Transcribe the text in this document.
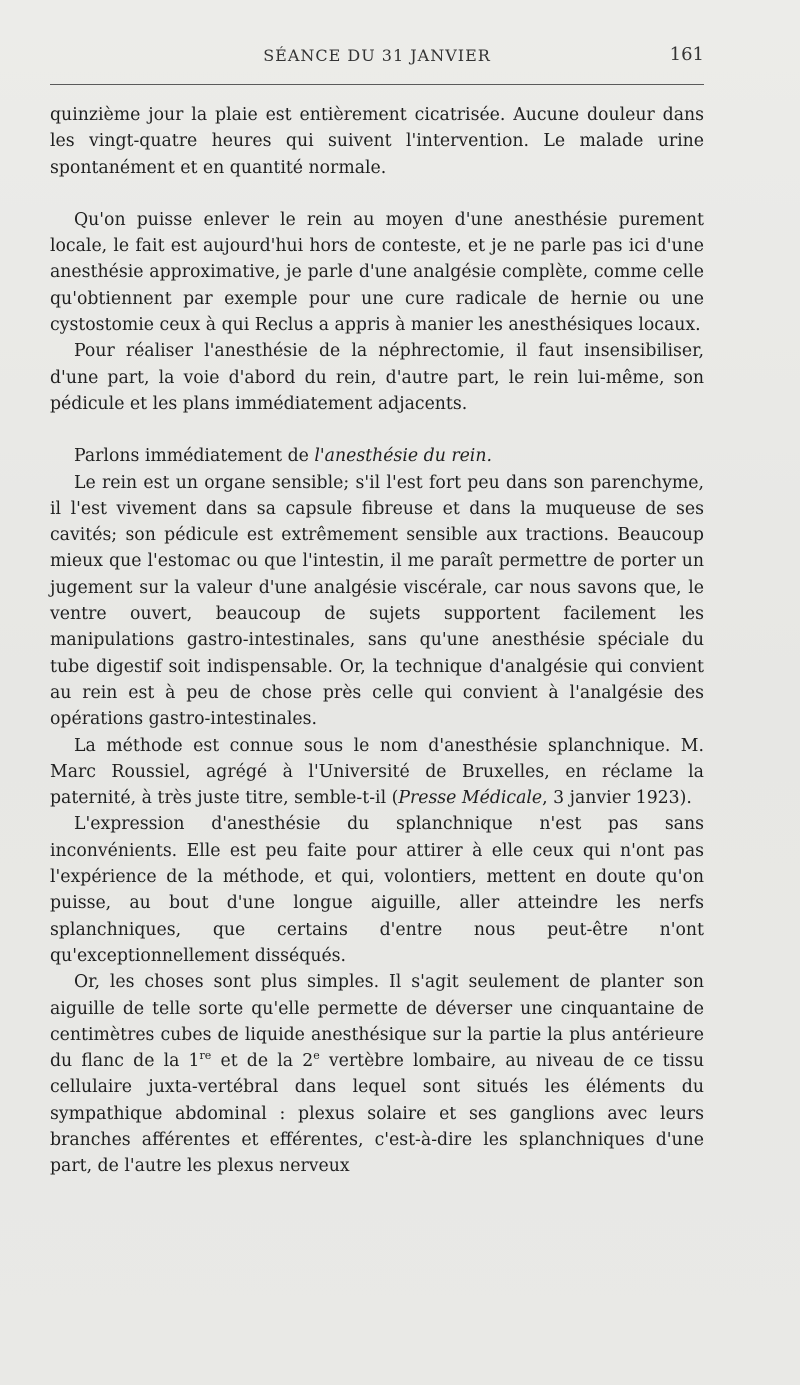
SÉANCE DU 31 JANVIER	161

quinzième jour la plaie est entièrement cicatrisée. Aucune douleur dans les vingt-quatre heures qui suivent l'intervention. Le malade urine spontanément et en quantité normale.

Qu'on puisse enlever le rein au moyen d'une anesthésie purement locale, le fait est aujourd'hui hors de conteste, et je ne parle pas ici d'une anesthésie approximative, je parle d'une analgésie complète, comme celle qu'obtiennent par exemple pour une cure radicale de hernie ou une cystostomie ceux à qui Reclus a appris à manier les anesthésiques locaux.

Pour réaliser l'anesthésie de la néphrectomie, il faut insensibiliser, d'une part, la voie d'abord du rein, d'autre part, le rein lui-même, son pédicule et les plans immédiatement adjacents.

Parlons immédiatement de l'anesthésie du rein.

Le rein est un organe sensible; s'il l'est fort peu dans son parenchyme, il l'est vivement dans sa capsule fibreuse et dans la muqueuse de ses cavités; son pédicule est extrêmement sensible aux tractions. Beaucoup mieux que l'estomac ou que l'intestin, il me paraît permettre de porter un jugement sur la valeur d'une analgésie viscérale, car nous savons que, le ventre ouvert, beaucoup de sujets supportent facilement les manipulations gastro-intestinales, sans qu'une anesthésie spéciale du tube digestif soit indispensable. Or, la technique d'analgésie qui convient au rein est à peu de chose près celle qui convient à l'analgésie des opérations gastro-intestinales.

La méthode est connue sous le nom d'anesthésie splanchnique. M. Marc Roussiel, agrégé à l'Université de Bruxelles, en réclame la paternité, à très juste titre, semble-t-il (Presse Médicale, 3 janvier 1923).

L'expression d'anesthésie du splanchnique n'est pas sans inconvénients. Elle est peu faite pour attirer à elle ceux qui n'ont pas l'expérience de la méthode, et qui, volontiers, mettent en doute qu'on puisse, au bout d'une longue aiguille, aller atteindre les nerfs splanchniques, que certains d'entre nous peut-être n'ont qu'exceptionnellement disséqués.

Or, les choses sont plus simples. Il s'agit seulement de planter son aiguille de telle sorte qu'elle permette de déverser une cinquantaine de centimètres cubes de liquide anesthésique sur la partie la plus antérieure du flanc de la 1re et de la 2e vertèbre lombaire, au niveau de ce tissu cellulaire juxta-vertébral dans lequel sont situés les éléments du sympathique abdominal : plexus solaire et ses ganglions avec leurs branches afférentes et efférentes, c'est-à-dire les splanchniques d'une part, de l'autre les plexus nerveux
